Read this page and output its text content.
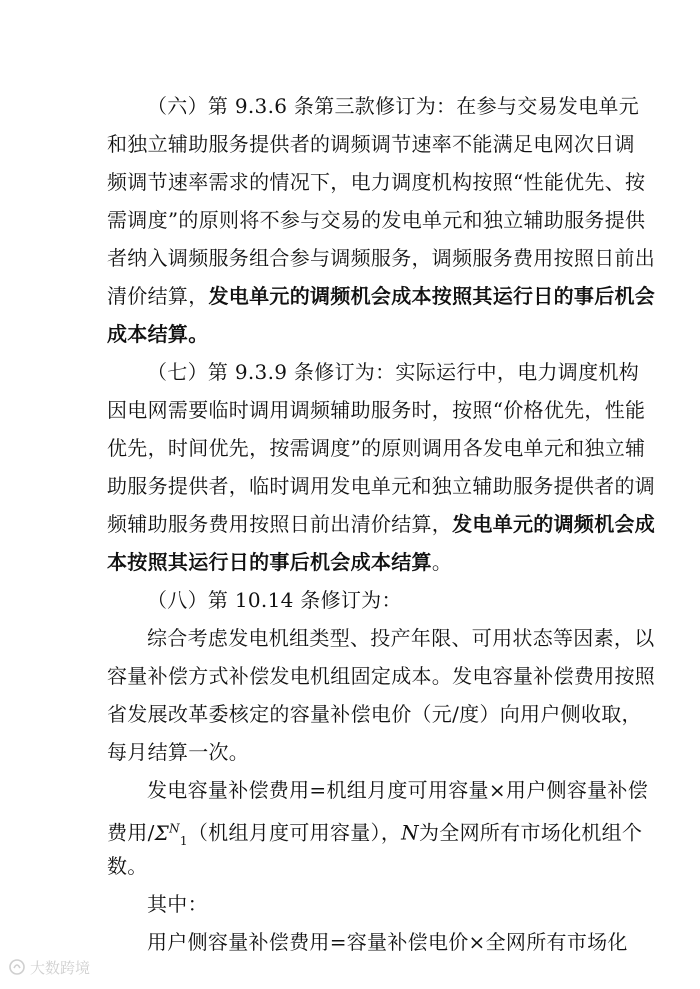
（六）第 9.3.6 条第三款修订为：在参与交易发电单元
和独立辅助服务提供者的调频调节速率不能满足电网次日调
频调节速率需求的情况下，电力调度机构按照“性能优先、按
需调度”的原则将不参与交易的发电单元和独立辅助服务提供
者纳入调频服务组合参与调频服务，调频服务费用按照日前出
清价结算，发电单元的调频机会成本按照其运行日的事后机会
成本结算。
（七）第 9.3.9 条修订为：实际运行中，电力调度机构
因电网需要临时调用调频辅助服务时，按照“价格优先，性能
优先，时间优先，按需调度”的原则调用各发电单元和独立辅
助服务提供者，临时调用发电单元和独立辅助服务提供者的调
频辅助服务费用按照日前出清价结算，发电单元的调频机会成
本按照其运行日的事后机会成本结算。
（八）第 10.14 条修订为：
综合考虑发电机组类型、投产年限、可用状态等因素，以
容量补偿方式补偿发电机组固定成本。发电容量补偿费用按照
省发展改革委核定的容量补偿电价（元/度）向用户侧收取，
每月结算一次。
发电容量补偿费用=机组月度可用容量×用户侧容量补偿
费用$/\Sigma^N_1$（机组月度可用容量），N为全网所有市场化机组个
数。
其中：
用户侧容量补偿费用=容量补偿电价×全网所有市场化
大数跨境
